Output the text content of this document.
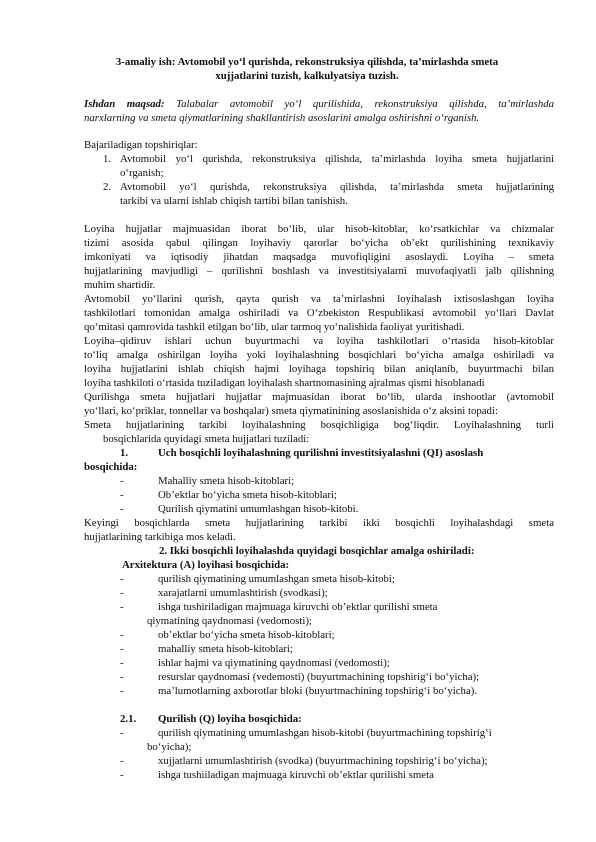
3-amaliy ish: Avtomobil yo‘l qurishda, rekonstruksiya qilishda, ta’mirlashda smeta
xujjatlarini tuzish, kalkulyatsiya tuzish.
Ishdan maqsad: Talabalar avtomobil yo‘l qurilishida, rekonstruksiya qilishda, ta’mirlashda
narxlarning va smeta qiymatlarining shakllantirish asoslarini amalga oshirishni o‘rganish.
Bajariladigan topshiriqlar:
1. Avtomobil yo‘l qurishda, rekonstruksiya qilishda, ta’mirlashda loyiha smeta hujjatlarini
o‘rganish;
2. Avtomobil yo‘l qurishda, rekonstruksiya qilishda, ta’mirlashda smeta hujjatlarining
tarkibi va ularni ishlab chiqish tartibi bilan tanishish.
Loyiha hujjatlar majmuasidan iborat bo‘lib, ular hisob-kitoblar, ko‘rsatkichlar va chizmalar
tizimi asosida qabul qilingan loyihaviy qarorlar bo‘yicha ob’ekt qurilishining texnikaviy
imkoniyati va iqtisodiy jihatdan maqsadga muvofiqligini asoslaydi. Loyiha – smeta
hujjatlarining mavjudligi – qurilishni boshlash va investitsiyalarni muvofaqiyatli jalb qilishning
muhim shartidir.
Avtomobil yo‘llarini qurish, qayta qurish va ta’mirlashni loyihalash ixtisoslashgan loyiha
tashkilotlari tomonidan amalga oshiriladi va O‘zbekiston Respublikasi avtomobil yo‘llari Davlat
qo‘mitasi qamrovida tashkil etilgan bo‘lib, ular tarmoq yo‘nalishida faoliyat yuritishadi.
Loyiha–qidiruv ishlari uchun buyurtmachi va loyiha tashkilotlari o‘rtasida hisob-kitoblar
to‘liq amalga oshirilgan loyiha yoki loyihalashning bosqichlari bo‘yicha amalga oshiriladi va
loyiha hujjatlarini ishlab chiqish hajmi loyihaga topshiriq bilan aniqlanib, buyurtmachi bilan
loyiha tashkiloti o‘rtasida tuziladigan loyihalash shartnomasining ajralmas qismi hisoblanadi
Qurilishga smeta hujjatlari hujjatlar majmuasidan iborat bo‘lib, ularda inshootlar (avtomobil
yo‘llari, ko‘priklar, tonnellar va boshqalar) smeta qiymatinining asoslanishida o‘z aksini topadi:
Smeta hujjatlarining tarkibi loyihalashning bosqichligiga bog‘liqdir. Loyihalashning turli
bosqichlarida quyidagi smeta hujjatlari tuziladi:
1.	Uch bosqichli loyihalashning qurilishni investitsiyalashni (QI) asoslash
bosqichida:
-	Mahalliy smeta hisob-kitoblari;
-	Ob’ektlar bo‘yicha smeta hisob-kitoblari;
-	Qurilish qiymatini umumlashgan hisob-kitobi.
Keyingi bosqichlarda smeta hujjatlarining tarkibi ikki bosqichli loyihalashdagi smeta
hujjatlarining tarkibiga mos keladi.
2. Ikki bosqichli loyihalashda quyidagi bosqichlar amalga oshiriladi:
Arxitektura (A) loyihasi bosqichida:
-	qurilish qiymatining umumlashgan smeta hisob-kitobi;
-	xarajatlarni umumlashtirish (svodkasi);
-	ishga tushiriladigan majmuaga kiruvchi ob’ektlar qurilishi smeta
qiymatining qaydnomasi (vedomosti);
-	ob’ektlar bo‘yicha smeta hisob-kitoblari;
-	mahalliy smeta hisob-kitoblari;
-	ishlar hajmi va qiymatining qaydnomasi (vedomosti);
-	resurslar qaydnomasi (vedemosti) (buyurtmachining topshirig‘i bo‘yicha);
-	ma’lumotlarning axborotlar bloki (buyurtmachining topshirig‘i bo‘yicha).
2.1. Qurilish (Q) loyiha bosqichida:
-	qurilish qiymatining umumlashgan hisob-kitobi (buyurtmachining topshirig‘i
bo‘yicha);
-	xujjatlarni umumlashtirish (svodka) (buyurtmachining topshirig‘i bo‘yicha);
-	ishga tushiiladigan majmuaga kiruvchi ob’ektlar qurilishi smeta
